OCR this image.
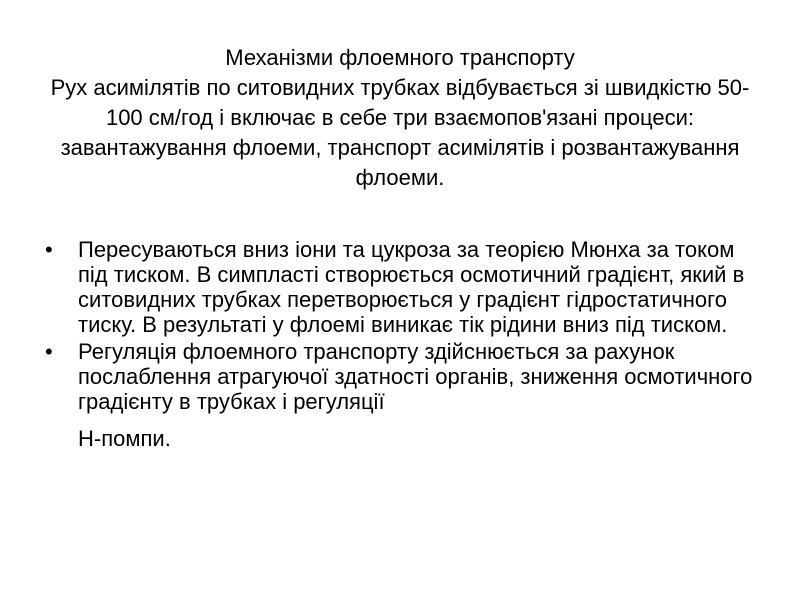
Механізми флоемного транспорту
Рух асимілятів по ситовидних трубках відбувається зі швидкістю 50-100 см/год і включає в себе три взаємопов'язані процеси: завантажування флоеми, транспорт асимілятів і розвантажування флоеми.
•	Пересуваються вниз іони та цукроза за теорією Мюнха за током під тиском. В симпласті створюється осмотичний градієнт, який в ситовидних трубках перетворюється у градієнт гідростатичного тиску. В результаті у флоемі виникає тік рідини вниз під тиском.
•	Регуляція флоемного транспорту здійснюється за рахунок послаблення атрагуючої здатності органів, зниження осмотичного градієнту в трубках і регуляції
Н-помпи.
